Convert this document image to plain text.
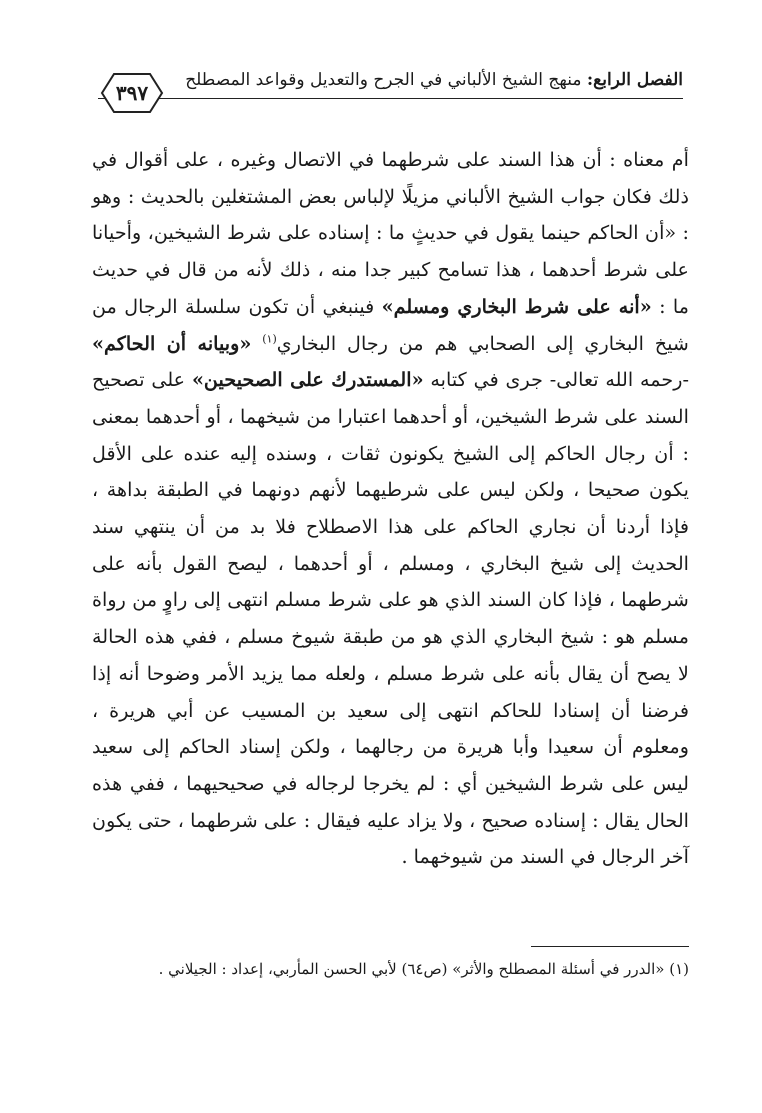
الفصل الرابع: منهج الشيخ الألباني في الجرح والتعديل وقواعد المصطلح
٣٩٧
أم معناه : أن هذا السند على شرطهما في الاتصال وغيره ، على أقوال في ذلك فكان جواب الشيخ الألباني مزيلًا لإلباس بعض المشتغلين بالحديث : وهو : «أن الحاكم حينما يقول في حديثٍ ما : إسناده على شرط الشيخين، وأحيانا على شرط أحدهما ، هذا تسامح كبير جدا منه ، ذلك لأنه من قال في حديث ما : «أنه على شرط البخاري ومسلم» فينبغي أن تكون سلسلة الرجال من شيخ البخاري إلى الصحابي هم من رجال البخاري$^{(١)}$ «وبيانه أن الحاكم» -رحمه الله تعالى- جرى في كتابه «المستدرك على الصحيحين» على تصحيح السند على شرط الشيخين، أو أحدهما اعتبارا من شيخهما ، أو أحدهما بمعنى : أن رجال الحاكم إلى الشيخ يكونون ثقات ، وسنده إليه عنده على الأقل يكون صحيحا ، ولكن ليس على شرطيهما لأنهم دونهما في الطبقة بداهة ، فإذا أردنا أن نجاري الحاكم على هذا الاصطلاح فلا بد من أن ينتهي سند الحديث إلى شيخ البخاري ، ومسلم ، أو أحدهما ، ليصح القول بأنه على شرطهما ، فإذا كان السند الذي هو على شرط مسلم انتهى إلى راوٍ من رواة مسلم هو : شيخ البخاري الذي هو من طبقة شيوخ مسلم ، ففي هذه الحالة لا يصح أن يقال بأنه على شرط مسلم ، ولعله مما يزيد الأمر وضوحا أنه إذا فرضنا أن إسنادا للحاكم انتهى إلى سعيد بن المسيب عن أبي هريرة ، ومعلوم أن سعيدا وأبا هريرة من رجالهما ، ولكن إسناد الحاكم إلى سعيد ليس على شرط الشيخين أي : لم يخرجا لرجاله في صحيحيهما ، ففي هذه الحال يقال : إسناده صحيح ، ولا يزاد عليه فيقال : على شرطهما ، حتى يكون آخر الرجال في السند من شيوخهما .
(١) «الدرر في أسئلة المصطلح والأثر» (ص٦٤) لأبي الحسن المأربي، إعداد : الجيلاني .
